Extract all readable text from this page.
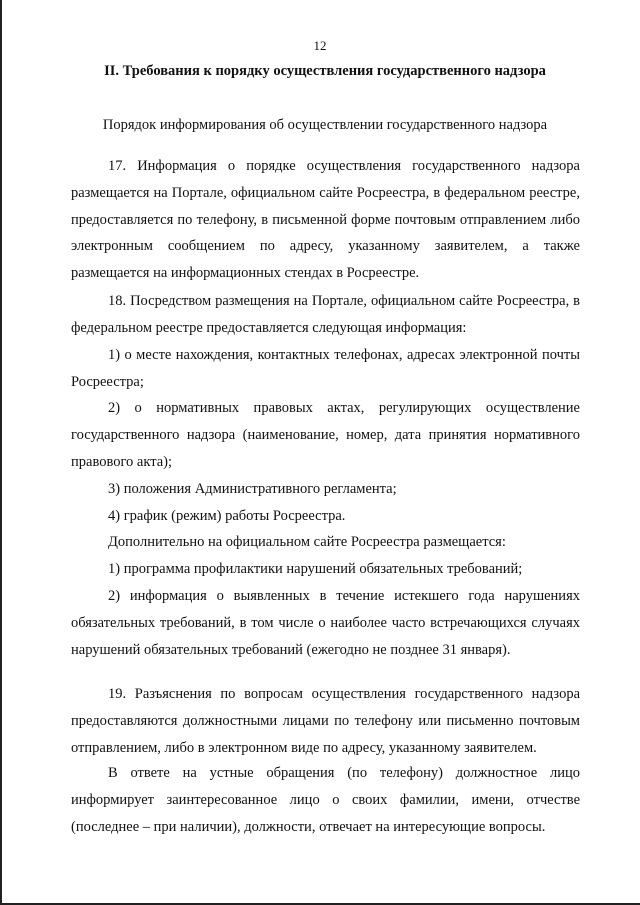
12
II. Требования к порядку осуществления государственного надзора
Порядок информирования об осуществлении государственного надзора

17. Информация о порядке осуществления государственного надзора размещается на Портале, официальном сайте Росреестра, в федеральном реестре, предоставляется по телефону, в письменной форме почтовым отправлением либо электронным сообщением по адресу, указанному заявителем, а также размещается на информационных стендах в Росреестре.

18. Посредством размещения на Портале, официальном сайте Росреестра, в федеральном реестре предоставляется следующая информация:

1) о месте нахождения, контактных телефонах, адресах электронной почты Росреестра;

2) о нормативных правовых актах, регулирующих осуществление государственного надзора (наименование, номер, дата принятия нормативного правового акта);

3) положения Административного регламента;

4) график (режим) работы Росреестра.

Дополнительно на официальном сайте Росреестра размещается:

1) программа профилактики нарушений обязательных требований;

2) информация о выявленных в течение истекшего года нарушениях обязательных требований, в том числе о наиболее часто встречающихся случаях нарушений обязательных требований (ежегодно не позднее 31 января).

19. Разъяснения по вопросам осуществления государственного надзора предоставляются должностными лицами по телефону или письменно почтовым отправлением, либо в электронном виде по адресу, указанному заявителем.

В ответе на устные обращения (по телефону) должностное лицо информирует заинтересованное лицо о своих фамилии, имени, отчестве (последнее – при наличии), должности, отвечает на интересующие вопросы.
